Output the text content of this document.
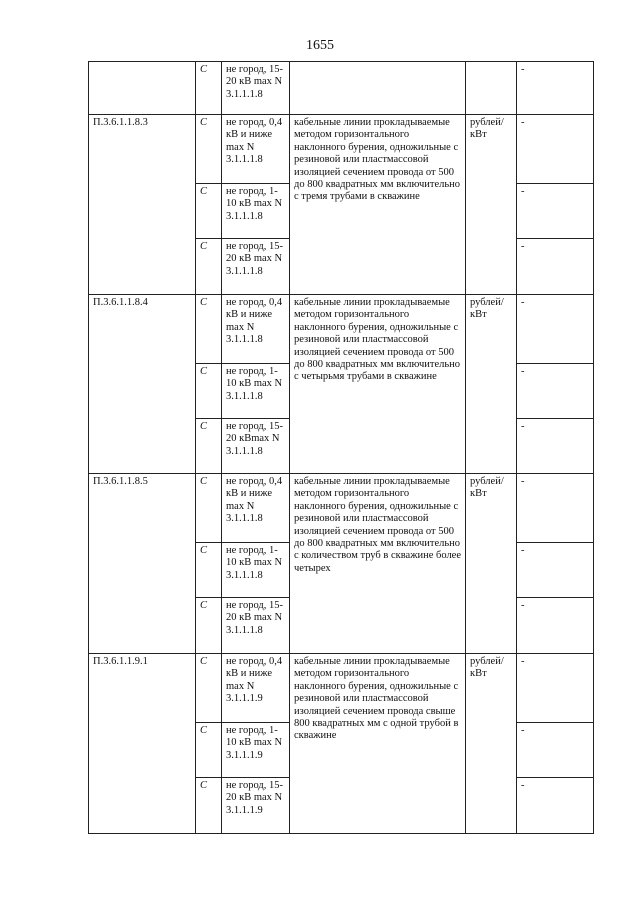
1655
	С	не город, 15-20 кВ max N 3.1.1.1.8			-
П.3.6.1.1.8.3	С	не город, 0,4 кВ и ниже max N 3.1.1.1.8	кабельные линии прокладываемые методом горизонтального наклонного бурения, одножильные с резиновой или пластмассовой изоляцией сечением провода от 500 до 800 квадратных мм включительно с тремя трубами в скважине	рублей/кВт	-
	С	не город, 1-10 кВ max N 3.1.1.1.8			-
	С	не город, 15-20 кВ max N 3.1.1.1.8			-
П.3.6.1.1.8.4	С	не город, 0,4 кВ и ниже max N 3.1.1.1.8	кабельные линии прокладываемые методом горизонтального наклонного бурения, одножильные с резиновой или пластмассовой изоляцией сечением провода от 500 до 800 квадратных мм включительно с четырьмя трубами в скважине	рублей/кВт	-
	С	не город, 1-10 кВ max N 3.1.1.1.8			-
	С	не город, 15-20 кВmax N 3.1.1.1.8			-
П.3.6.1.1.8.5	С	не город, 0,4 кВ и ниже max N 3.1.1.1.8	кабельные линии прокладываемые методом горизонтального наклонного бурения, одножильные с резиновой или пластмассовой изоляцией сечением провода от 500 до 800 квадратных мм включительно с количеством труб в скважине более четырех	рублей/кВт	-
	С	не город, 1-10 кВ max N 3.1.1.1.8			-
	С	не город, 15-20 кВ max N 3.1.1.1.8			-
П.3.6.1.1.9.1	С	не город, 0,4 кВ и ниже max N 3.1.1.1.9	кабельные линии прокладываемые методом горизонтального наклонного бурения, одножильные с резиновой или пластмассовой изоляцией сечением провода свыше 800 квадратных мм с одной трубой в скважине	рублей/кВт	-
	С	не город, 1-10 кВ max N 3.1.1.1.9			-
	С	не город, 15-20 кВ max N 3.1.1.1.9			-
